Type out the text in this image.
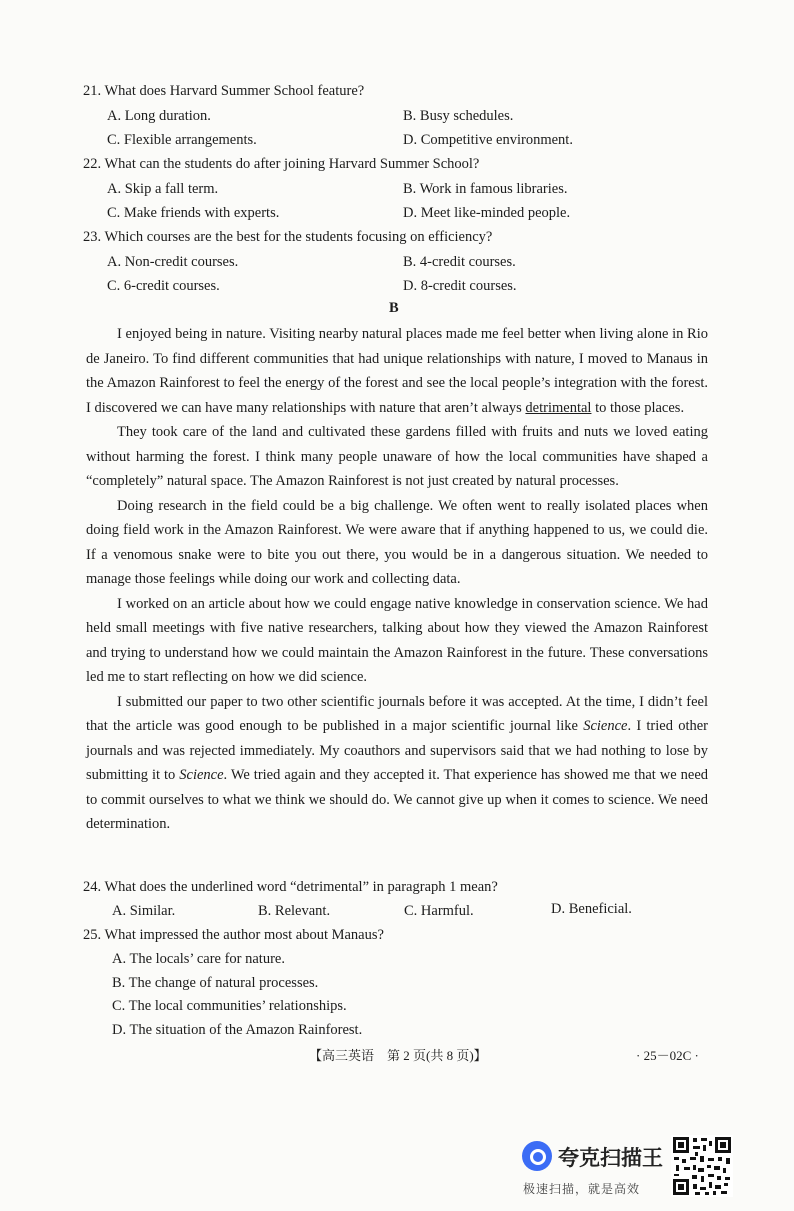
21. What does Harvard Summer School feature?
A. Long duration.	B. Busy schedules.
C. Flexible arrangements.	D. Competitive environment.
22. What can the students do after joining Harvard Summer School?
A. Skip a fall term.	B. Work in famous libraries.
C. Make friends with experts.	D. Meet like-minded people.
23. Which courses are the best for the students focusing on efficiency?
A. Non-credit courses.	B. 4-credit courses.
C. 6-credit courses.	D. 8-credit courses.
B

I enjoyed being in nature. Visiting nearby natural places made me feel better when living alone in Rio de Janeiro. To find different communities that had unique relationships with nature, I moved to Manaus in the Amazon Rainforest to feel the energy of the forest and see the local people’s integration with the forest. I discovered we can have many relationships with nature that aren’t always detrimental to those places.

They took care of the land and cultivated these gardens filled with fruits and nuts we loved eating without harming the forest. I think many people unaware of how the local communities have shaped a “completely” natural space. The Amazon Rainforest is not just created by natural processes.

Doing research in the field could be a big challenge. We often went to really isolated places when doing field work in the Amazon Rainforest. We were aware that if anything happened to us, we could die. If a venomous snake were to bite you out there, you would be in a dangerous situation. We needed to manage those feelings while doing our work and collecting data.

I worked on an article about how we could engage native knowledge in conservation science. We had held small meetings with five native researchers, talking about how they viewed the Amazon Rainforest and trying to understand how we could maintain the Amazon Rainforest in the future. These conversations led me to start reflecting on how we did science.

I submitted our paper to two other scientific journals before it was accepted. At the time, I didn’t feel that the article was good enough to be published in a major scientific journal like Science. I tried other journals and was rejected immediately. My coauthors and supervisors said that we had nothing to lose by submitting it to Science. We tried again and they accepted it. That experience has showed me that we need to commit ourselves to what we think we should do. We cannot give up when it comes to science. We need determination.

24. What does the underlined word “detrimental” in paragraph 1 mean?
A. Similar.	B. Relevant.	C. Harmful.	D. Beneficial.
25. What impressed the author most about Manaus?
A. The locals’ care for nature.
B. The change of natural processes.
C. The local communities’ relationships.
D. The situation of the Amazon Rainforest.
【高三英语　第 2 页(共 8 页)】	· 25－02C ·
夸克扫描王
极速扫描，就是高效
